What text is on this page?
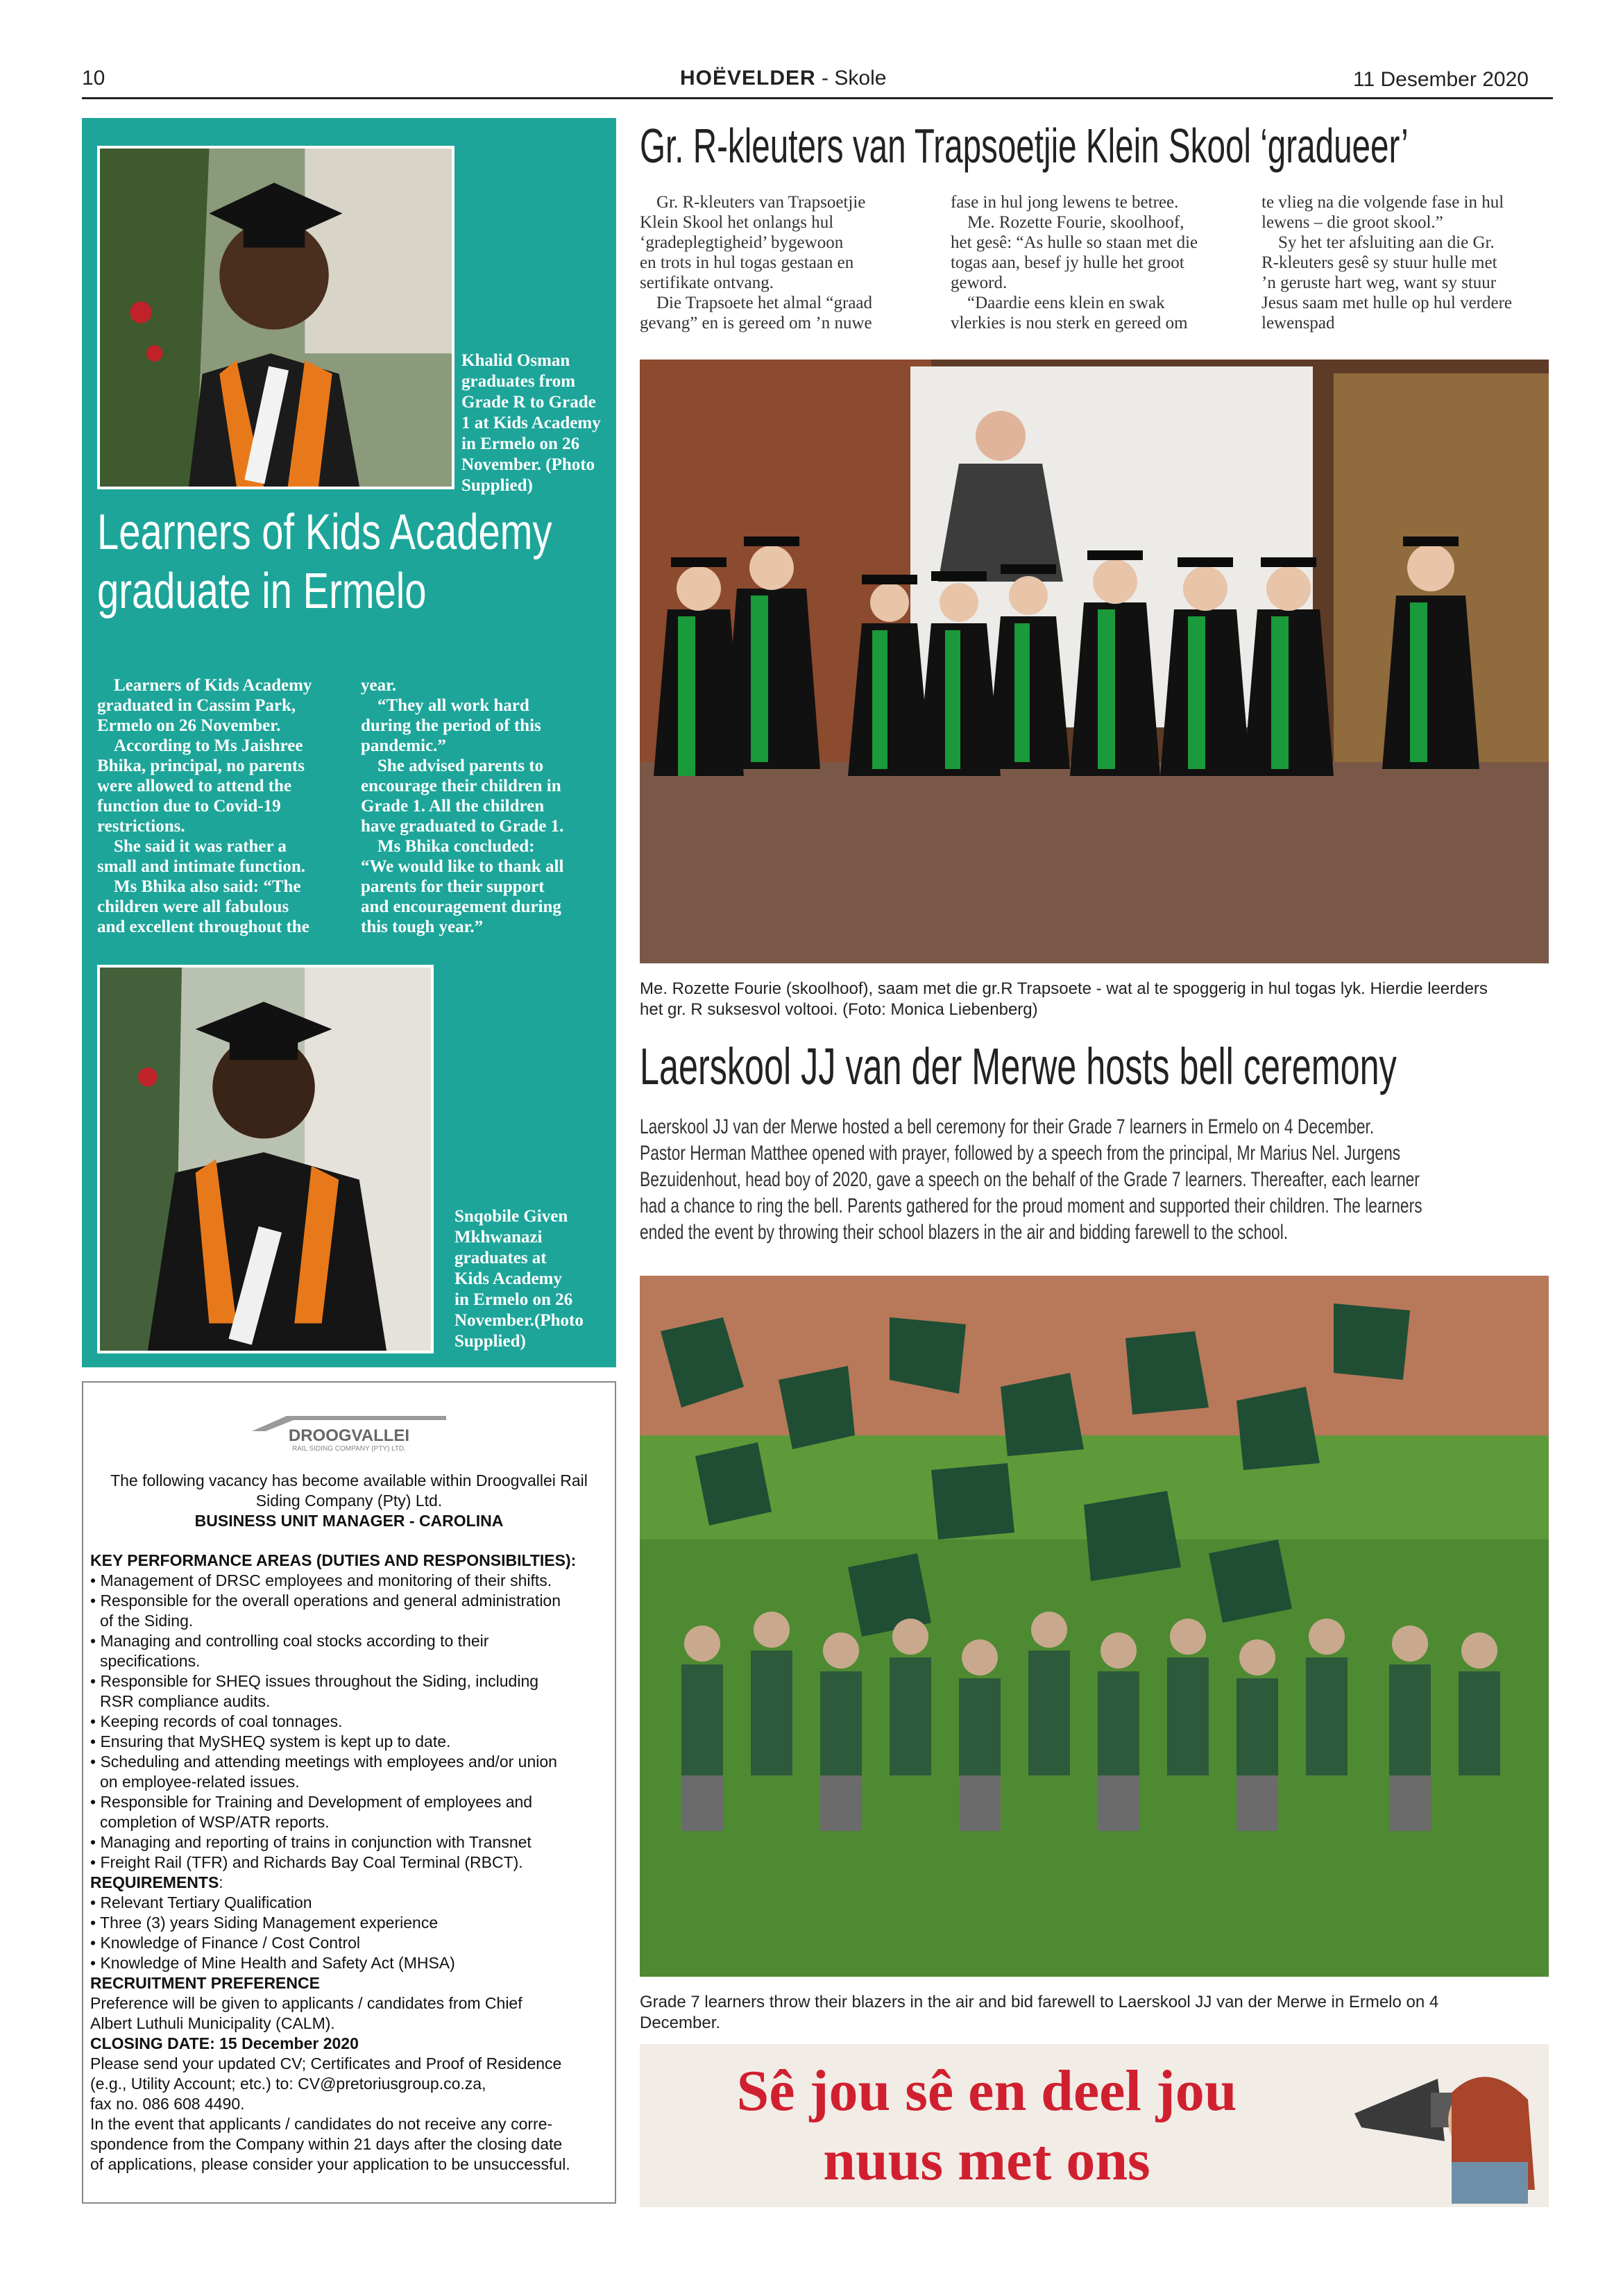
10	HOËVELDER - Skole	11 Desember 2020
Khalid Osman
graduates from
Grade R to Grade
1 at Kids Academy
in Ermelo on 26
November. (Photo
Supplied)
Learners of Kids Academy
graduate in Ermelo

Learners of Kids Academy

graduated in Cassim Park,
Ermelo on 26 November.

According to Ms Jaishree

Bhika, principal, no parents
were allowed to attend the
function due to Covid-19
restrictions.

She said it was rather a

small and intimate function.

Ms Bhika also said: “The

children were all fabulous
and excellent throughout the
year.

“They all work hard

during the period of this
pandemic.”

She advised parents to

encourage their children in
Grade 1. All the children
have graduated to Grade 1.

Ms Bhika concluded:

“We would like to thank all
parents for their support
and encouragement during
this tough year.”
Snqobile Given
Mkhwanazi
graduates at
Kids Academy
in Ermelo on 26
November.(Photo
Supplied)
Gr. R-kleuters van Trapsoetjie Klein Skool ‘gradueer’

Gr. R-kleuters van Trapsoetjie

Klein Skool het onlangs hul
‘gradeplegtigheid’ bygewoon
en trots in hul togas gestaan en
sertifikate ontvang.

Die Trapsoete het almal “graad

gevang” en is gereed om ’n nuwe
fase in hul jong lewens te betree.

Me. Rozette Fourie, skoolhoof,

het gesê: “As hulle so staan met die
togas aan, besef jy hulle het groot
geword.

“Daardie eens klein en swak

vlerkies is nou sterk en gereed om
te vlieg na die volgende fase in hul
lewens – die groot skool.”

Sy het ter afsluiting aan die Gr.

R-kleuters gesê sy stuur hulle met
’n geruste hart weg, want sy stuur
Jesus saam met hulle op hul verdere
lewenspad
Me. Rozette Fourie (skoolhoof), saam met die gr.R Trapsoete - wat al te spoggerig in hul togas lyk. Hierdie leerders
het gr. R suksesvol voltooi. (Foto: Monica Liebenberg)
Laerskool JJ van der Merwe hosts bell ceremony
Laerskool JJ van der Merwe hosted a bell ceremony for their Grade 7 learners in Ermelo on 4 December.
Pastor Herman Matthee opened with prayer, followed by a speech from the principal, Mr Marius Nel. Jurgens
Bezuidenhout, head boy of 2020, gave a speech on the behalf of the Grade 7 learners. Thereafter, each learner
had a chance to ring the bell. Parents gathered for the proud moment and supported their children. The learners
ended the event by throwing their school blazers in the air and bidding farewell to the school.
Grade 7 learners throw their blazers in the air and bid farewell to Laerskool JJ van der Merwe in Ermelo on 4
December.
DROOGVALLEI
RAIL SIDING COMPANY (PTY) LTD.
The following vacancy has become available within Droogvallei Rail
Siding Company (Pty) Ltd.
BUSINESS UNIT MANAGER - CAROLINA
KEY PERFORMANCE AREAS (DUTIES AND RESPONSIBILTIES):
• Management of DRSC employees and monitoring of their shifts.
• Responsible for the overall operations and general administration
of the Siding.
• Managing and controlling coal stocks according to their
specifications.
• Responsible for SHEQ issues throughout the Siding, including
RSR compliance audits.
• Keeping records of coal tonnages.
• Ensuring that MySHEQ system is kept up to date.
• Scheduling and attending meetings with employees and/or union
on employee-related issues.
• Responsible for Training and Development of employees and
completion of WSP/ATR reports.
• Managing and reporting of trains in conjunction with Transnet
• Freight Rail (TFR) and Richards Bay Coal Terminal (RBCT).
REQUIREMENTS:
• Relevant Tertiary Qualification
• Three (3) years Siding Management experience
• Knowledge of Finance / Cost Control
• Knowledge of Mine Health and Safety Act (MHSA)
RECRUITMENT PREFERENCE
Preference will be given to applicants / candidates from Chief
Albert Luthuli Municipality (CALM).
CLOSING DATE: 15 December 2020
Please send your updated CV; Certificates and Proof of Residence
(e.g., Utility Account; etc.) to: CV@pretoriusgroup.co.za,
fax no. 086 608 4490.
In the event that applicants / candidates do not receive any corre-
spondence from the Company within 21 days after the closing date
of applications, please consider your application to be unsuccessful.
Sê jou sê en deel jou
nuus met ons
